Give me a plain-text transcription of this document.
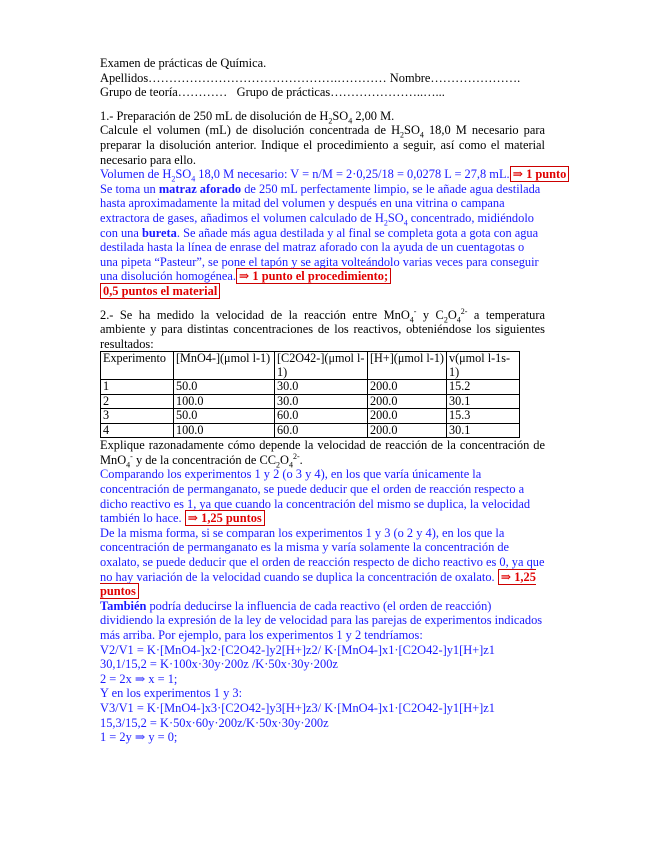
Examen de prácticas de Química.
Apellidos……………………………………….………… Nombre………………….
Grupo de teoría………… Grupo de prácticas…………………..…...
1.- Preparación de 250 mL de disolución de $H_2SO_4$ 2,00 M.
Calcule el volumen (mL) de disolución concentrada de $H_2SO_4$ 18,0 M necesario para preparar la disolución anterior. Indique el procedimiento a seguir, así como el material necesario para ello.
Volumen de $H_2SO_4$ 18,0 M necesario: V = n/M = 2·0,25/18 = 0,0278 L = 27,8 mL. ⇒ 1 punto
Se toma un matraz aforado de 250 mL perfectamente limpio, se le añade agua destilada hasta aproximadamente la mitad del volumen y después en una vitrina o campana extractora de gases, añadimos el volumen calculado de $H_2SO_4$ concentrado, midiéndolo con una bureta. Se añade más agua destilada y al final se completa gota a gota con agua destilada hasta la línea de enrase del matraz aforado con la ayuda de un cuentagotas o una pipeta “Pasteur”, se pone el tapón y se agita volteándolo varias veces para conseguir una disolución homogénea. ⇒ 1 punto el procedimiento;
0,5 puntos el material
2.- Se ha medido la velocidad de la reacción entre MnO$_4$- y $C_2O_4^{2-}$ a temperatura ambiente y para distintas concentraciones de los reactivos, obteniéndose los siguientes resultados:
Experimento	[MnO4-](μmol l-1)	[C2O42-](μmol l-1)	[H+](μmol l-1)	v(μmol l-1s-1)
1	50.0	30.0	200.0	15.2
2	100.0	30.0	200.0	30.1
3	50.0	60.0	200.0	15.3
4	100.0	60.0	200.0	30.1
Explique razonadamente cómo depende la velocidad de reacción de la concentración de MnO$_4$- y de la concentración de $CC_2O_4^{2-}$.
Comparando los experimentos 1 y 2 (o 3 y 4), en los que varía únicamente la concentración de permanganato, se puede deducir que el orden de reacción respecto a dicho reactivo es 1, ya que cuando la concentración del mismo se duplica, la velocidad también lo hace. ⇒ 1,25 puntos
De la misma forma, si se comparan los experimentos 1 y 3 (o 2 y 4), en los que la concentración de permanganato es la misma y varía solamente la concentración de oxalato, se puede deducir que el orden de reacción respecto de dicho reactivo es 0, ya que no hay variación de la velocidad cuando se duplica la concentración de oxalato. ⇒ 1,25 puntos
También podría deducirse la influencia de cada reactivo (el orden de reacción) dividiendo la expresión de la ley de velocidad para las parejas de experimentos indicados más arriba. Por ejemplo, para los experimentos 1 y 2 tendríamos:
V2/V1 = K·[MnO4-]x2·[C2O42-]y2[H+]z2/ K·[MnO4-]x1·[C2O42-]y1[H+]z1
30,1/15,2 = K·100x·30y·200z /K·50x·30y·200z
2 = 2x ⇒ x = 1;
Y en los experimentos 1 y 3:
V3/V1 = K·[MnO4-]x3·[C2O42-]y3[H+]z3/ K·[MnO4-]x1·[C2O42-]y1[H+]z1
15,3/15,2 = K·50x·60y·200z/K·50x·30y·200z
1 = 2y ⇒ y = 0;
